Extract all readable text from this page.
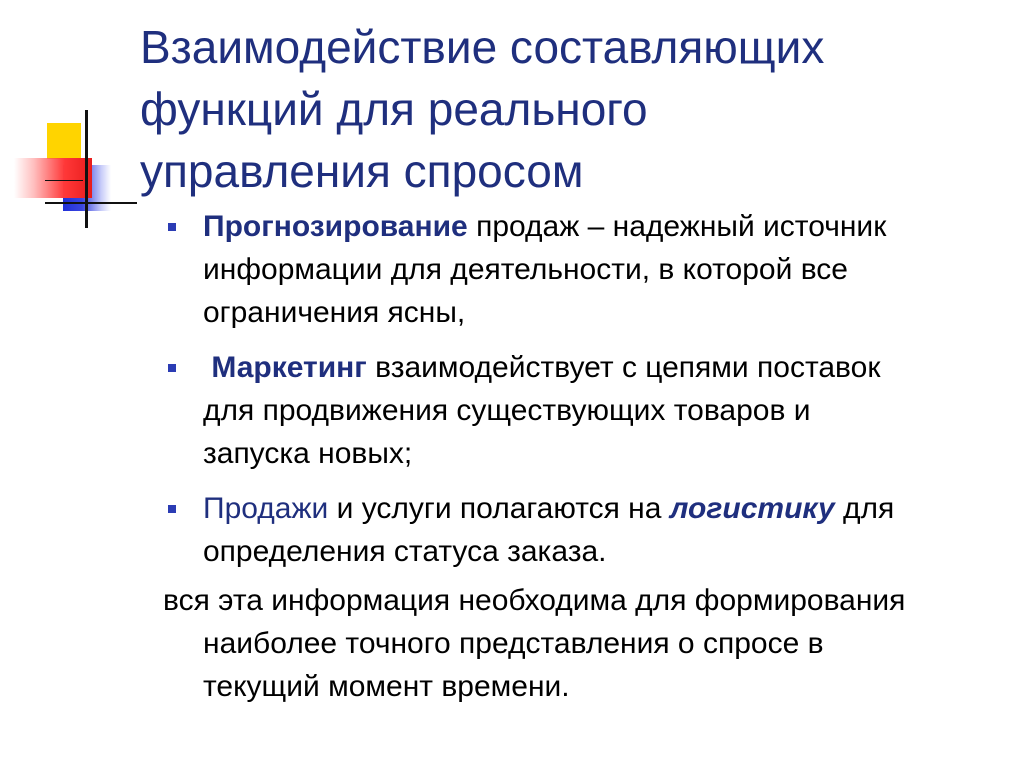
Взаимодействие составляющих
функций для реального
управления спросом
Прогнозирование продаж – надежный источник
информации для деятельности, в которой все
ограничения ясны,
Маркетинг взаимодействует с цепями поставок
для продвижения существующих товаров и
запуска новых;
Продажи и услуги полагаются на логистику для
определения статуса заказа.
вся эта информация необходима для формирования
наиболее точного представления о спросе в
текущий момент времени.
